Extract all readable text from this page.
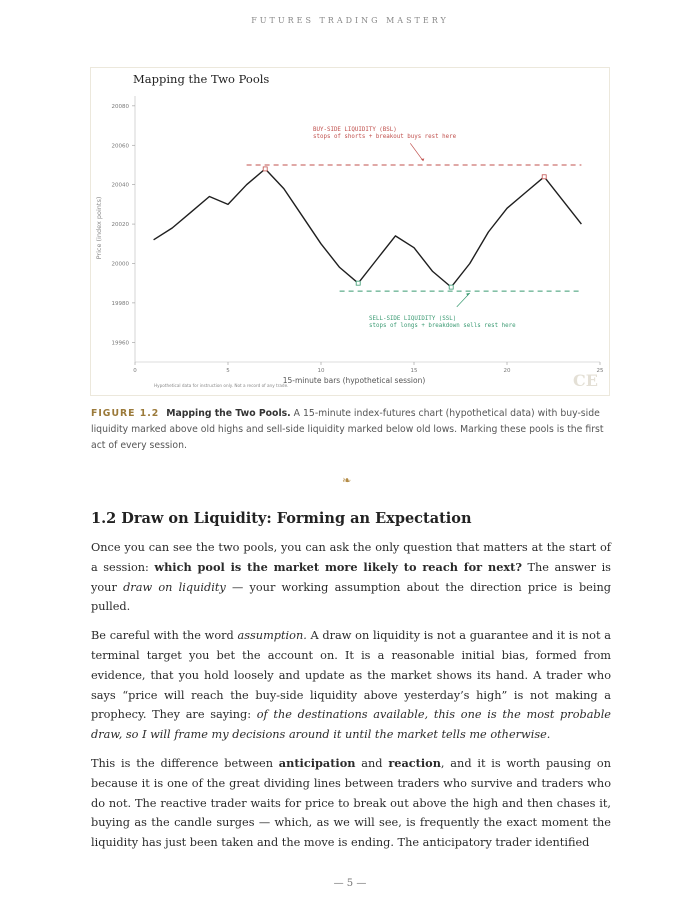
FUTURES TRADING MASTERY
Mapping the Two Pools
19960
19980
20000
20020
20040
20060
20080
0	5	10	15	20	25
BUY-SIDE LIQUIDITY (BSL)
stops of shorts + breakout buys rest here
SELL-SIDE LIQUIDITY (SSL)
stops of longs + breakdown sells rest here
15-minute bars (hypothetical session)
Price (index points)
Hypothetical data for instruction only. Not a record of any trade.	CE
FIGURE 1.2 Mapping the Two Pools. A 15-minute index-futures chart (hypothetical data) with buy-side liquidity marked above old highs and sell-side liquidity marked below old lows. Marking these pools is the first act of every session.
❧
1.2 Draw on Liquidity: Forming an Expectation

Once you can see the two pools, you can ask the only question that matters at the start of a session: which pool is the market more likely to reach for next? The answer is your draw on liquidity — your working assumption about the direction price is being pulled.

Be careful with the word assumption. A draw on liquidity is not a guarantee and it is not a terminal target you bet the account on. It is a reasonable initial bias, formed from evidence, that you hold loosely and update as the market shows its hand. A trader who says “price will reach the buy-side liquidity above yesterday’s high” is not making a prophecy. They are saying: of the destinations available, this one is the most probable draw, so I will frame my decisions around it until the market tells me otherwise.

This is the difference between anticipation and reaction, and it is worth pausing on because it is one of the great dividing lines between traders who survive and traders who do not. The reactive trader waits for price to break out above the high and then chases it, buying as the candle surges — which, as we will see, is frequently the exact moment the liquidity has just been taken and the move is ending. The anticipatory trader identified

— 5 —
